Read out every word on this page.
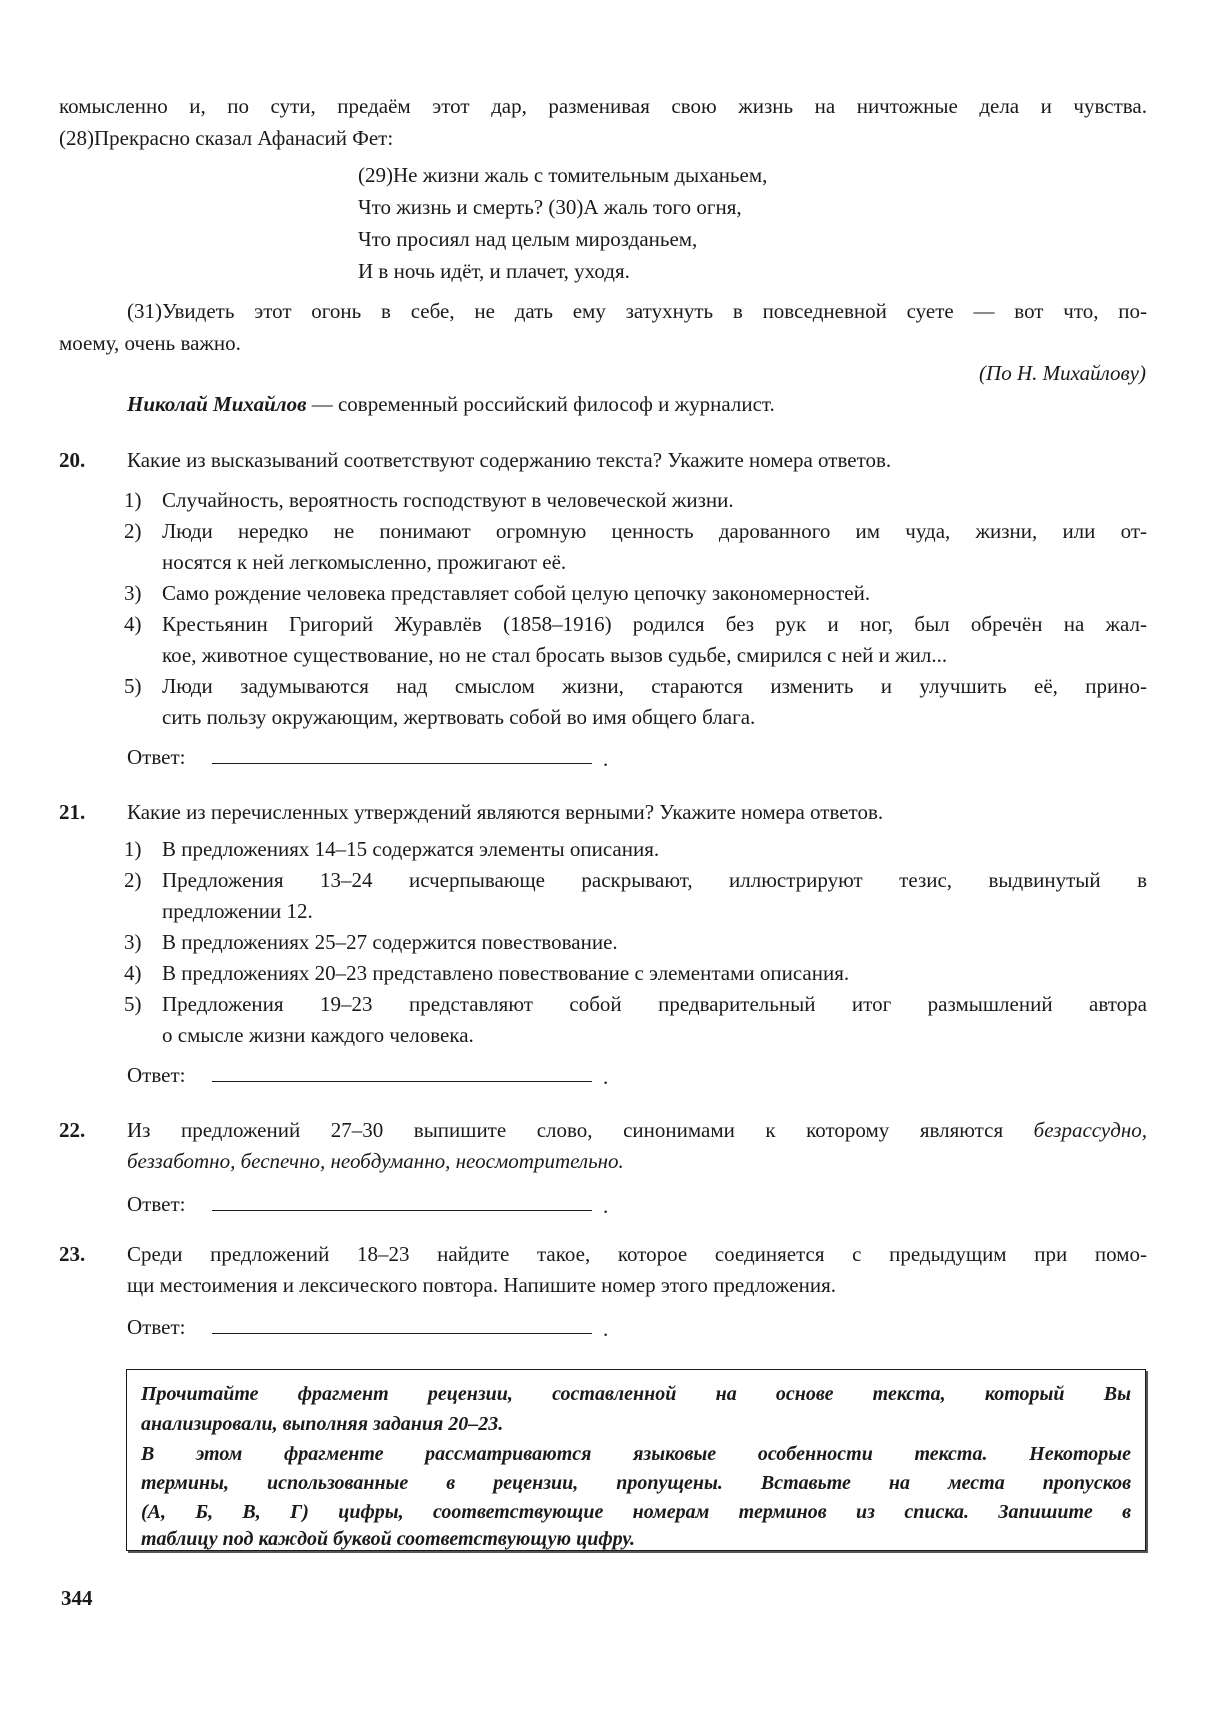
комысленно и, по сути, предаём этот дар, разменивая свою жизнь на ничтожные дела и чувства.
(28)Прекрасно сказал Афанасий Фет:
(29)Не жизни жаль с томительным дыханьем,
Что жизнь и смерть? (30)А жаль того огня,
Что просиял над целым мирозданьем,
И в ночь идёт, и плачет, уходя.
(31)Увидеть этот огонь в себе, не дать ему затухнуть в повседневной суете — вот что, по-
моему, очень важно.
(По Н. Михайлову)
Николай Михайлов — современный российский философ и журналист.
20. Какие из высказываний соответствуют содержанию текста? Укажите номера ответов.
1) Случайность, вероятность господствуют в человеческой жизни.
2) Люди нередко не понимают огромную ценность дарованного им чуда, жизни, или от-
носятся к ней легкомысленно, прожигают её.
3) Само рождение человека представляет собой целую цепочку закономерностей.
4) Крестьянин Григорий Журавлёв (1858–1916) родился без рук и ног, был обречён на жал-
кое, животное существование, но не стал бросать вызов судьбе, смирился с ней и жил...
5) Люди задумываются над смыслом жизни, стараются изменить и улучшить её, прино-
сить пользу окружающим, жертвовать собой во имя общего блага.
Ответ:	.
21. Какие из перечисленных утверждений являются верными? Укажите номера ответов.
1) В предложениях 14–15 содержатся элементы описания.
2) Предложения 13–24 исчерпывающе раскрывают, иллюстрируют тезис, выдвинутый в
предложении 12.
3) В предложениях 25–27 содержится повествование.
4) В предложениях 20–23 представлено повествование с элементами описания.
5) Предложения 19–23 представляют собой предварительный итог размышлений автора
о смысле жизни каждого человека.
Ответ:	.
22. Из предложений 27–30 выпишите слово, синонимами к которому являются безрассудно,
беззаботно, беспечно, необдуманно, неосмотрительно.
Ответ:	.
23. Среди предложений 18–23 найдите такое, которое соединяется с предыдущим при помо-
щи местоимения и лексического повтора. Напишите номер этого предложения.
Ответ:	.
Прочитайте фрагмент рецензии, составленной на основе текста, который Вы
анализировали, выполняя задания 20–23.
В этом фрагменте рассматриваются языковые особенности текста. Некоторые
термины, использованные в рецензии, пропущены. Вставьте на места пропусков
(А, Б, В, Г) цифры, соответствующие номерам терминов из списка. Запишите в
таблицу под каждой буквой соответствующую цифру.
344
